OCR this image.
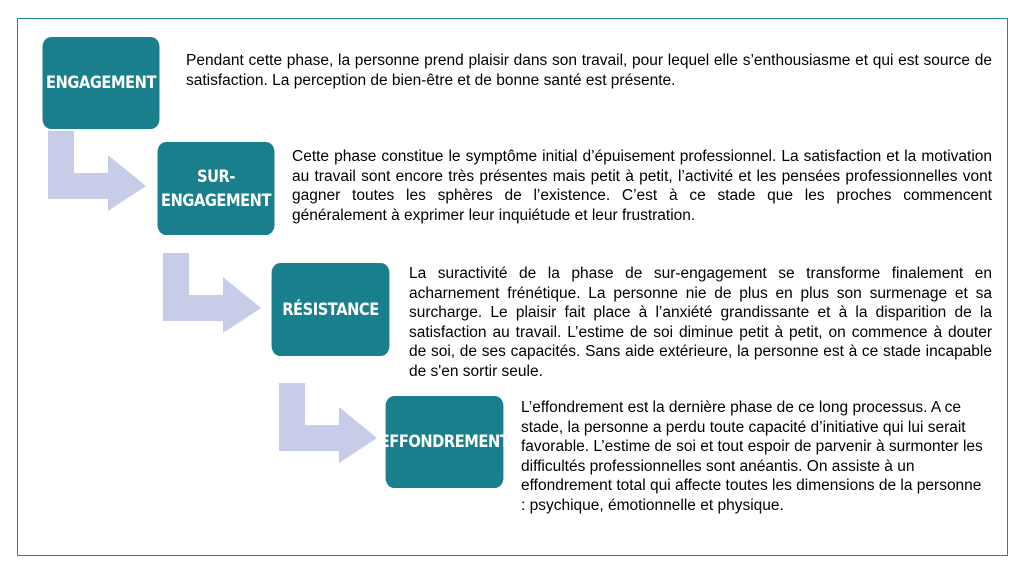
ENGAGEMENT
Pendant cette phase, la personne prend plaisir dans son travail, pour lequel elle s’enthousiasme et qui est source de satisfaction. La perception de bien-être et de bonne santé est présente.
SUR-
ENGAGEMENT
Cette phase constitue le symptôme initial d’épuisement professionnel. La satisfaction et la motivation au travail sont encore très présentes mais petit à petit, l’activité et les pensées professionnelles vont gagner toutes les sphères de l’existence. C’est à ce stade que les proches commencent généralement à exprimer leur inquiétude et leur frustration.
RÉSISTANCE
La suractivité de la phase de sur-engagement se transforme finalement en acharnement frénétique. La personne nie de plus en plus son surmenage et sa surcharge. Le plaisir fait place à l’anxiété grandissante et à la disparition de la satisfaction au travail. L’estime de soi diminue petit à petit, on commence à douter de soi, de ses capacités. Sans aide extérieure, la personne est à ce stade incapable de s'en sortir seule.
EFFONDREMENT
L’effondrement est la dernière phase de ce long processus. A ce stade, la personne a perdu toute capacité d’initiative qui lui serait favorable. L’estime de soi et tout espoir de parvenir à surmonter les difficultés professionnelles sont anéantis. On assiste à un effondrement total qui affecte toutes les dimensions de la personne : psychique, émotionnelle et physique.
